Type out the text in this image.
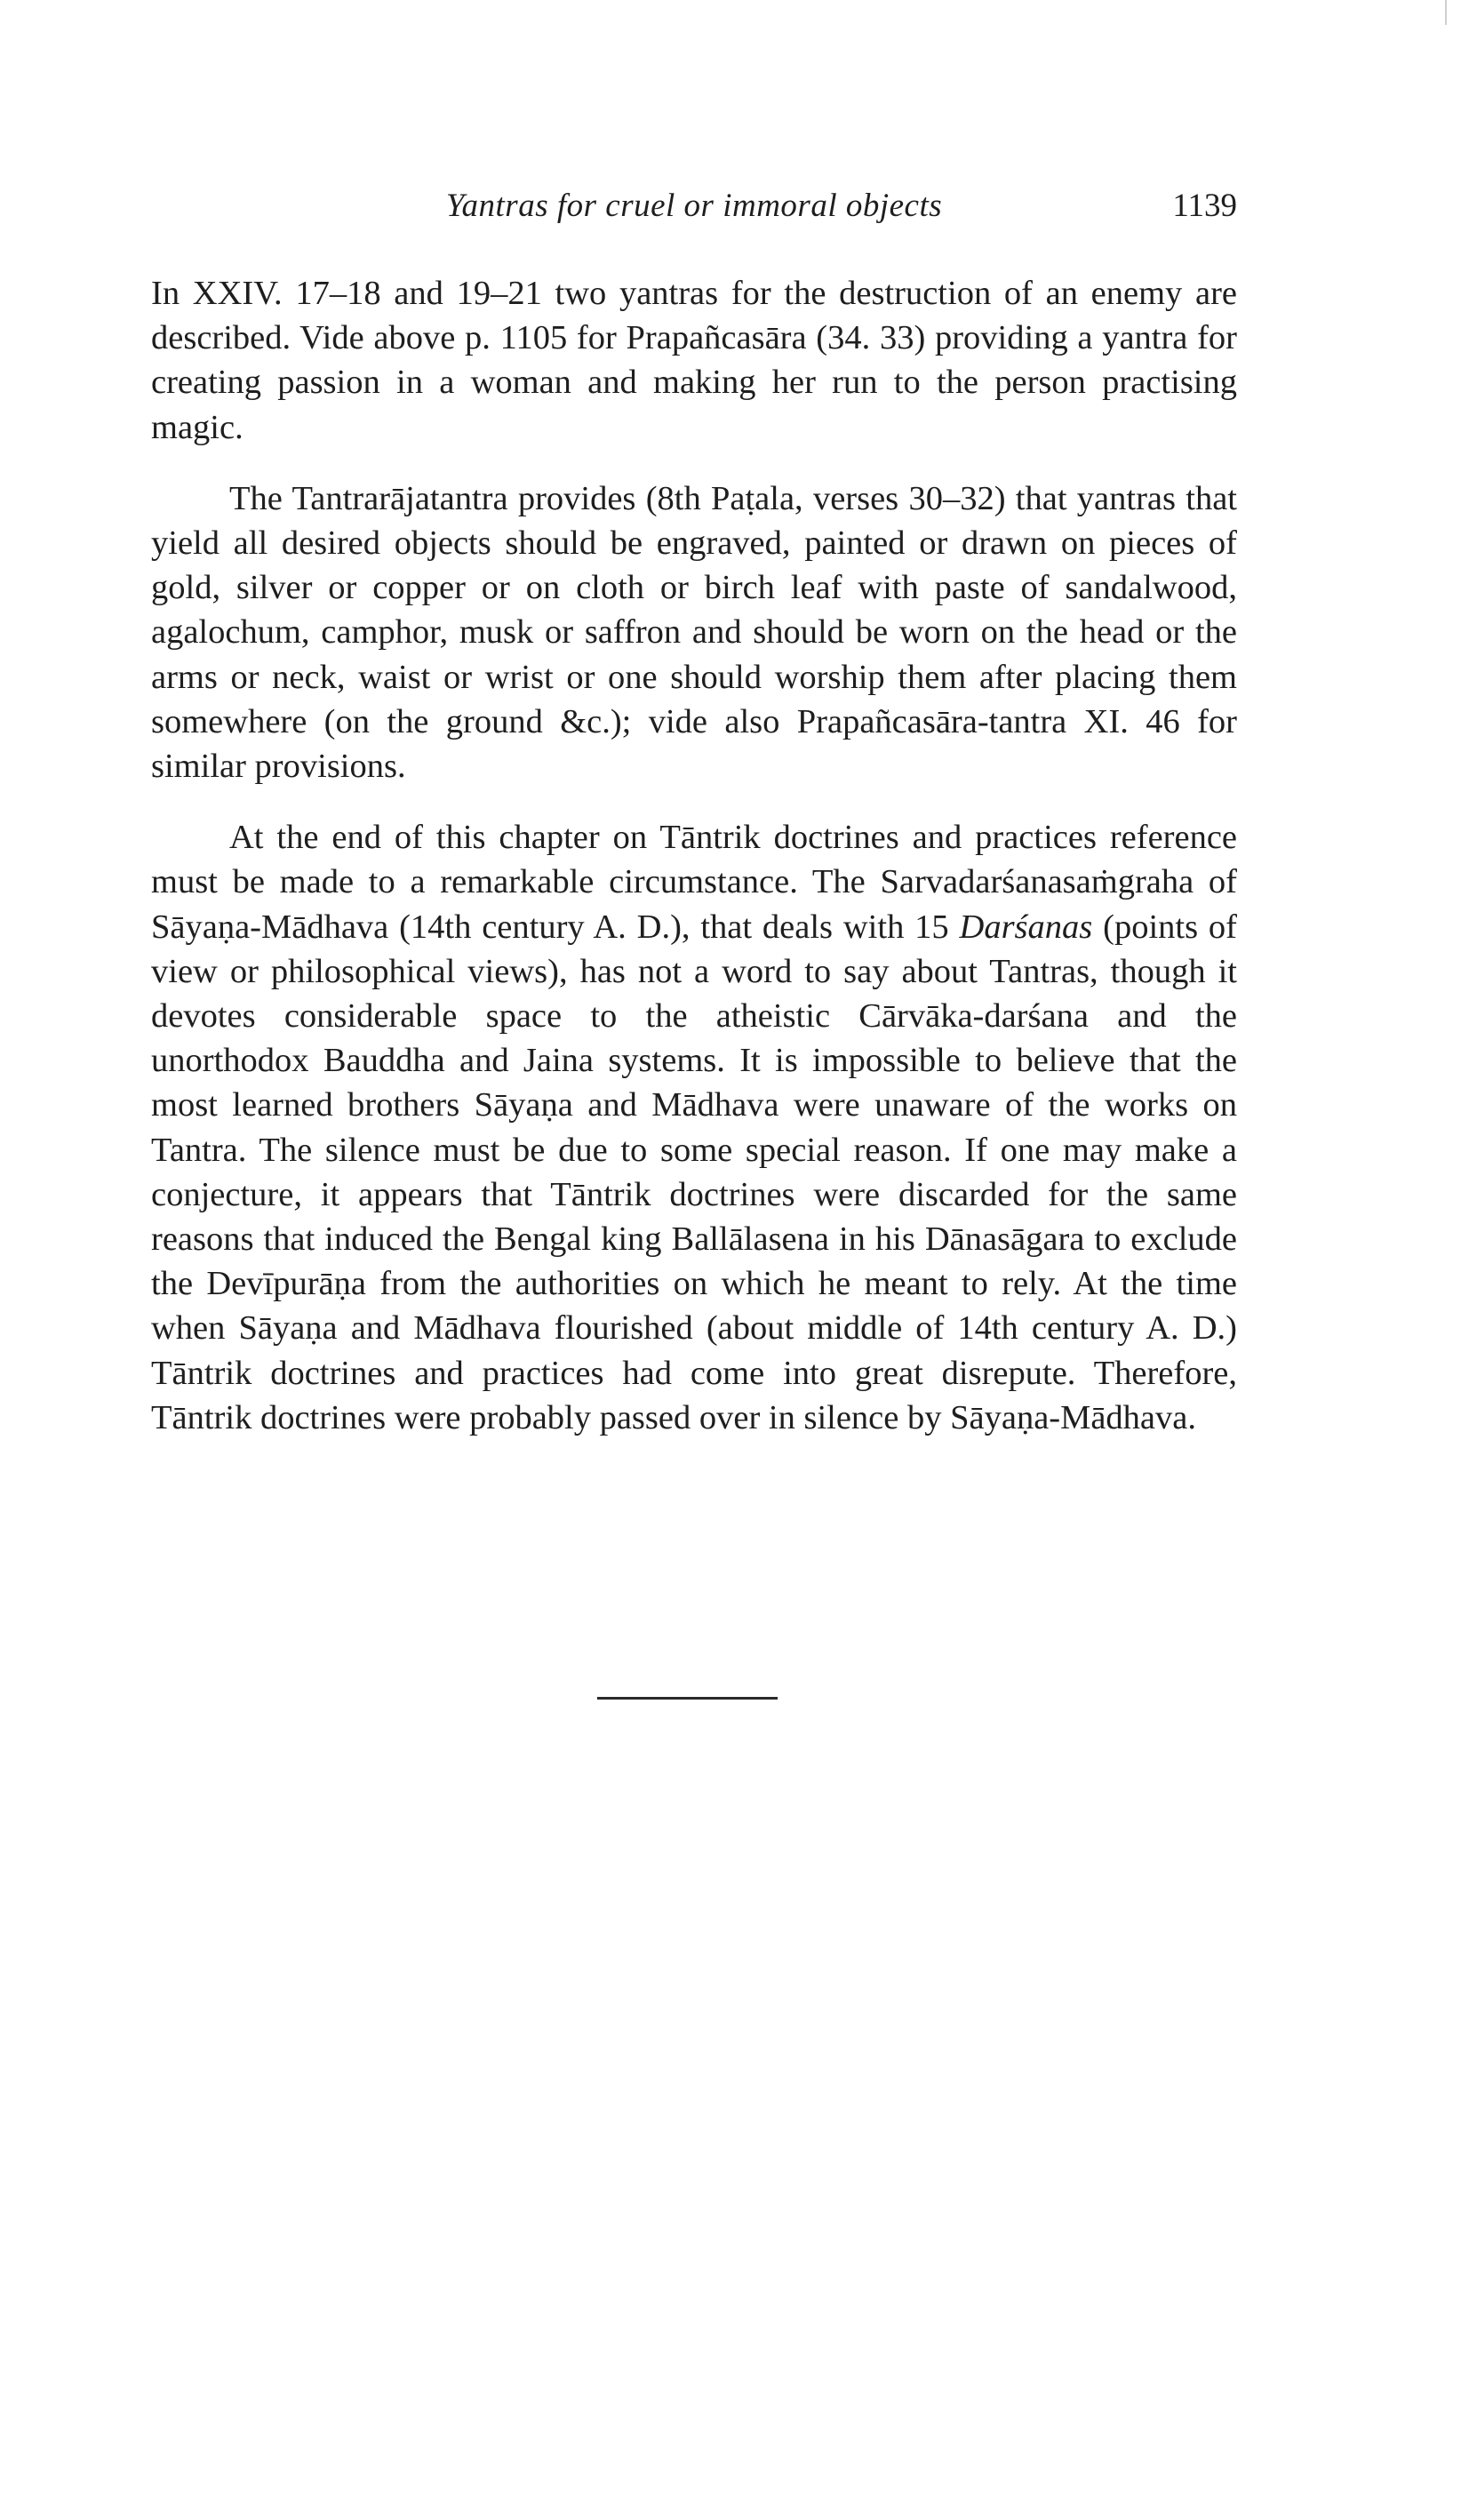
Yantras for cruel or immoral objects	1139

In XXIV. 17–18 and 19–21 two yantras for the destruction of an enemy are described. Vide above p. 1105 for Prapañcasāra (34. 33) providing a yantra for creating passion in a woman and making her run to the person practising magic.

The Tantrarājatantra provides (8th Paṭala, verses 30–32) that yantras that yield all desired objects should be engraved, painted or drawn on pieces of gold, silver or copper or on cloth or birch leaf with paste of sandalwood, agalochum, camphor, musk or saffron and should be worn on the head or the arms or neck, waist or wrist or one should worship them after placing them somewhere (on the ground &c.); vide also Prapañcasāra-tantra XI. 46 for similar provisions.

At the end of this chapter on Tāntrik doctrines and practices reference must be made to a remarkable circumstance. The Sarvadarśanasaṁgraha of Sāyaṇa-Mādhava (14th century A. D.), that deals with 15 Darśanas (points of view or philosophical views), has not a word to say about Tantras, though it devotes considerable space to the atheistic Cārvāka-darśana and the unorthodox Bauddha and Jaina systems. It is impossible to believe that the most learned brothers Sāyaṇa and Mādhava were unaware of the works on Tantra. The silence must be due to some special reason. If one may make a conjecture, it appears that Tāntrik doctrines were discarded for the same reasons that induced the Bengal king Ballālasena in his Dānasāgara to exclude the Devīpurāṇa from the authorities on which he meant to rely. At the time when Sāyaṇa and Mādhava flourished (about middle of 14th century A. D.) Tāntrik doctrines and practices had come into great disrepute. Therefore, Tāntrik doctrines were probably passed over in silence by Sāyaṇa-Mādhava.
